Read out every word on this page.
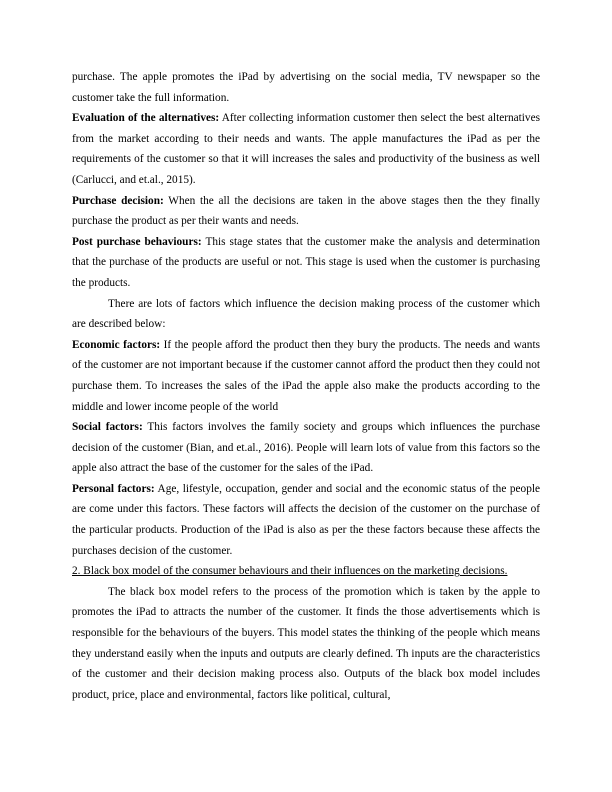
purchase. The apple promotes the iPad by advertising on the social media, TV newspaper so the customer take the full information.

Evaluation of the alternatives: After collecting information customer then select the best alternatives from the market according to their needs and wants. The apple manufactures the iPad as per the requirements of the customer so that it will increases the sales and productivity of the business as well (Carlucci, and et.al., 2015).

Purchase decision: When the all the decisions are taken in the above stages then the they finally purchase the product as per their wants and needs.

Post purchase behaviours: This stage states that the customer make the analysis and determination that the purchase of the products are useful or not. This stage is used when the customer is purchasing the products.

There are lots of factors which influence the decision making process of the customer which are described below:

Economic factors: If the people afford the product then they bury the products. The needs and wants of the customer are not important because if the customer cannot afford the product then they could not purchase them. To increases the sales of the iPad the apple also make the products according to the middle and lower income people of the world

Social factors: This factors involves the family society and groups which influences the purchase decision of the customer (Bian, and et.al., 2016). People will learn lots of value from this factors so the apple also attract the base of the customer for the sales of the iPad.

Personal factors: Age, lifestyle, occupation, gender and social and the economic status of the people are come under this factors. These factors will affects the decision of the customer on the purchase of the particular products. Production of the iPad is also as per the these factors because these affects the purchases decision of the customer.

2. Black box model of the consumer behaviours and their influences on the marketing decisions.

The black box model refers to the process of the promotion which is taken by the apple to promotes the iPad to attracts the number of the customer. It finds the those advertisements which is responsible for the behaviours of the buyers. This model states the thinking of the people which means they understand easily when the inputs and outputs are clearly defined. Th inputs are the characteristics of the customer and their decision making process also. Outputs of the black box model includes product, price, place and environmental, factors like political, cultural,
